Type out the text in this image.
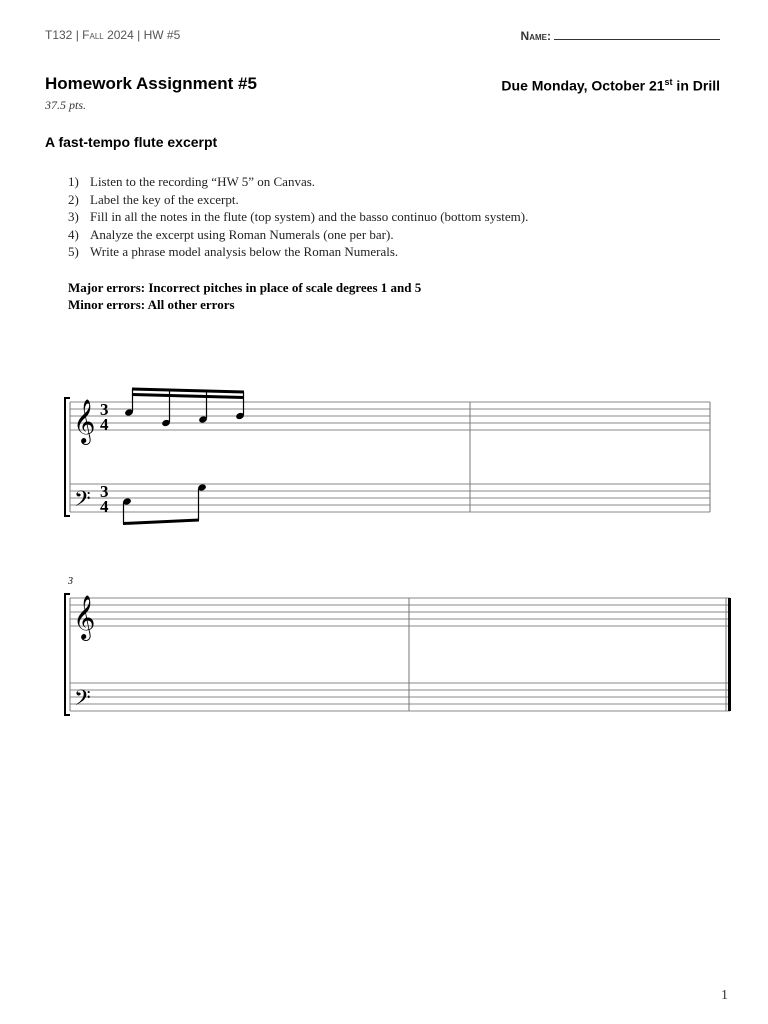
T132 | Fall 2024 | HW #5	Name:
Homework Assignment #5	Due Monday, October 21st in Drill
37.5 pts.
A fast-tempo flute excerpt
1) Listen to the recording “HW 5” on Canvas.
2) Label the key of the excerpt.
3) Fill in all the notes in the flute (top system) and the basso continuo (bottom system).
4) Analyze the excerpt using Roman Numerals (one per bar).
5) Write a phrase model analysis below the Roman Numerals.
Major errors: Incorrect pitches in place of scale degrees 1 and 5
Minor errors: All other errors
𝄞
𝄢
𝄞
𝄢
3
4
3
4
3
1
